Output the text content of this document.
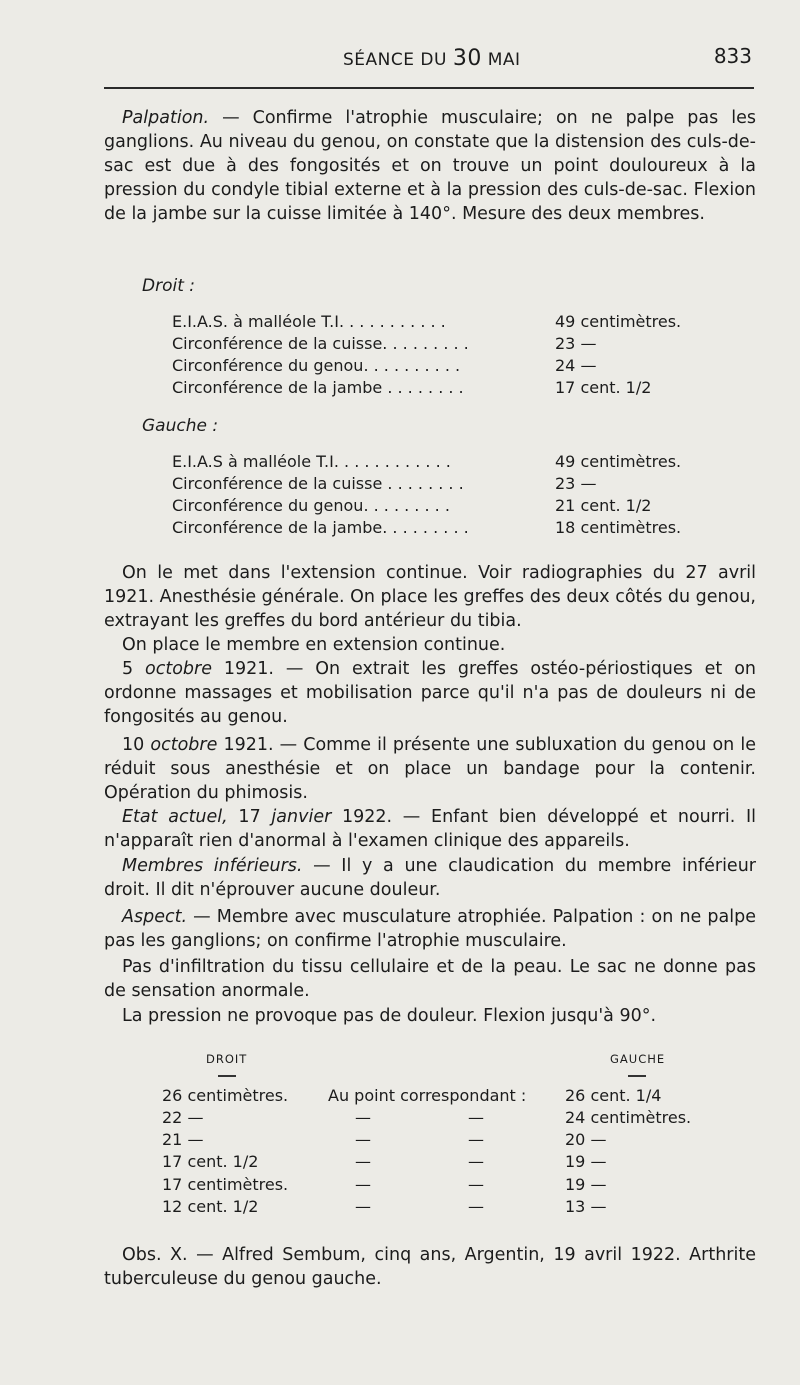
SÉANCE DU 30 MAI	833
Palpation. — Confirme l'atrophie musculaire; on ne palpe pas les ganglions. Au niveau du genou, on constate que la distension des culs-de-sac est due à des fongosités et on trouve un point douloureux à la pression du condyle tibial externe et à la pression des culs-de-sac. Flexion de la jambe sur la cuisse limitée à 140°. Mesure des deux membres.
Droit :
E.I.A.S. à malléole T.I. . . . . . . . . . .	49 centimètres.
Circonférence de la cuisse. . . . . . . . .	23 —
Circonférence du genou. . . . . . . . . .	24 —
Circonférence de la jambe . . . . . . . .	17 cent. 1/2
Gauche :
E.I.A.S à malléole T.I. . . . . . . . . . . .	49 centimètres.
Circonférence de la cuisse . . . . . . . .	23 —
Circonférence du genou. . . . . . . . .	21 cent. 1/2
Circonférence de la jambe. . . . . . . . .	18 centimètres.
On le met dans l'extension continue. Voir radiographies du 27 avril 1921. Anesthésie générale. On place les greffes des deux côtés du genou, extrayant les greffes du bord antérieur du tibia.
On place le membre en extension continue.
5 octobre 1921. — On extrait les greffes ostéo-périostiques et on ordonne massages et mobilisation parce qu'il n'a pas de douleurs ni de fongosités au genou.
10 octobre 1921. — Comme il présente une subluxation du genou on le réduit sous anesthésie et on place un bandage pour la contenir. Opération du phimosis.
Etat actuel, 17 janvier 1922. — Enfant bien développé et nourri. Il n'apparaît rien d'anormal à l'examen clinique des appareils.
Membres inférieurs. — Il y a une claudication du membre inférieur droit. Il dit n'éprouver aucune douleur.
Aspect. — Membre avec musculature atrophiée. Palpation : on ne palpe pas les ganglions; on confirme l'atrophie musculaire.
Pas d'infiltration du tissu cellulaire et de la peau. Le sac ne donne pas de sensation anormale.
La pression ne provoque pas de douleur. Flexion jusqu'à 90°.
DROIT	GAUCHE
26 centimètres. Au point correspondant : 26 cent. 1/4
22 —	—	—	24 centimètres.
21 —	—	—	20 —
17 cent. 1/2	—	—	19 —
17 centimètres.	—	—	19 —
12 cent. 1/2	—	—	13 —
Obs. X. — Alfred Sembum, cinq ans, Argentin, 19 avril 1922. Arthrite tuberculeuse du genou gauche.
